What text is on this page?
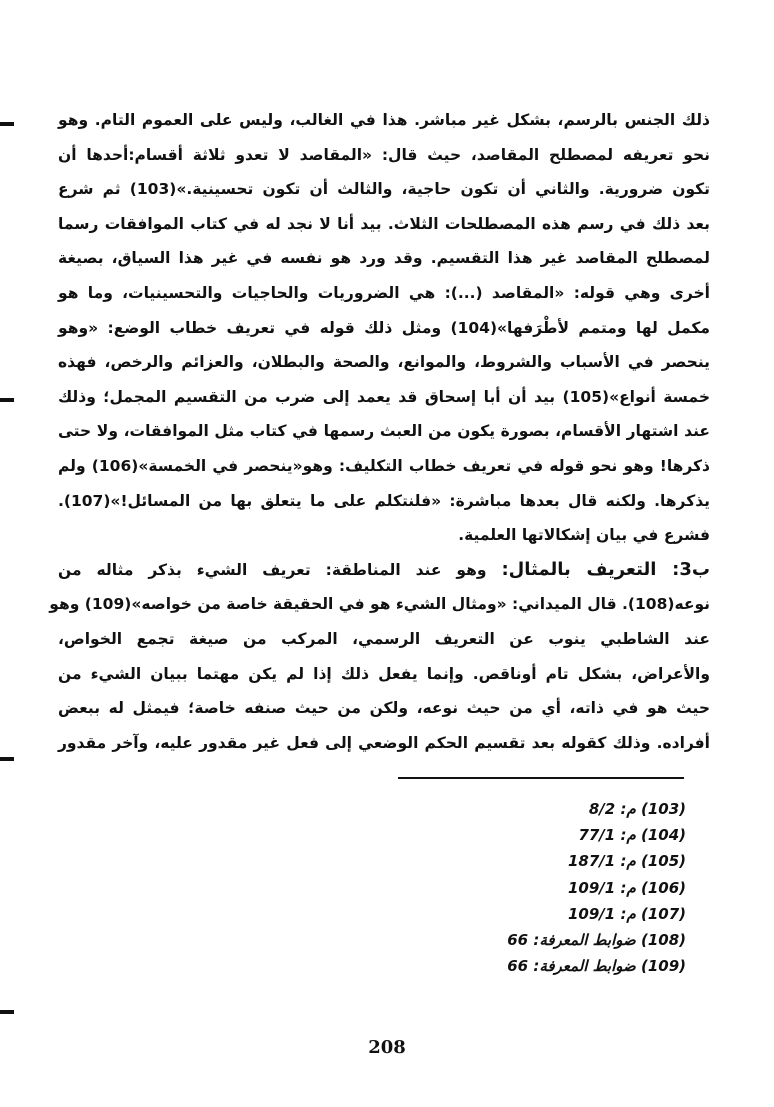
ذلك الجنس بالرسم، بشكل غير مباشر. هذا في الغالب، وليس على العموم التام. وهو
نحو تعريفه لمصطلح المقاصد، حيث قال: «المقاصد لا تعدو ثلاثة أقسام:أحدها أن
تكون ضرورية. والثاني أن تكون حاجية، والثالث أن تكون تحسينية.»(103) ثم شرع
بعد ذلك في رسم هذه المصطلحات الثلاث. بيد أنا لا نجد له في كتاب الموافقات رسما
لمصطلح المقاصد غير هذا التقسيم. وقد ورد هو نفسه في غير هذا السياق، بصيغة
أخرى وهي قوله: «المقاصد (...): هي الضروريات والحاجيات والتحسينيات، وما هو
مكمل لها ومتمم لأطْرَفها»(104) ومثل ذلك قوله في تعريف خطاب الوضع: «وهو
ينحصر في الأسباب والشروط، والموانع، والصحة والبطلان، والعزائم والرخص، فهذه
خمسة أنواع»(105) بيد أن أبا إسحاق قد يعمد إلى ضرب من التقسيم المجمل؛ وذلك
عند اشتهار الأقسام، بصورة يكون من العبث رسمها في كتاب مثل الموافقات، ولا حتى
ذكرها! وهو نحو قوله في تعريف خطاب التكليف: وهو«ينحصر في الخمسة»(106) ولم
يذكرها. ولكنه قال بعدها مباشرة: «فلنتكلم على ما يتعلق بها من المسائل!»(107).
فشرع في بيان إشكالاتها العلمية.
ب3: التعريف بالمثال: وهو عند المناطقة: تعريف الشيء بذكر مثاله من
نوعه(108). قال الميداني: «ومثال الشيء هو في الحقيقة خاصة من خواصه»(109) وهو
عند الشاطبي ينوب عن التعريف الرسمي، المركب من صيغة تجمع الخواص،
والأعراض، بشكل تام أوناقص. وإنما يفعل ذلك إذا لم يكن مهتما ببيان الشيء من
حيث هو في ذاته، أي من حيث نوعه، ولكن من حيث صنفه خاصة؛ فيمثل له ببعض
أفراده. وذلك كقوله بعد تقسيم الحكم الوضعي إلى فعل غير مقدور عليه، وآخر مقدور
(103) م: 8/2
(104) م: 77/1
(105) م: 187/1
(106) م: 109/1
(107) م: 109/1
(108) ضوابط المعرفة: 66
(109) ضوابط المعرفة: 66
208
